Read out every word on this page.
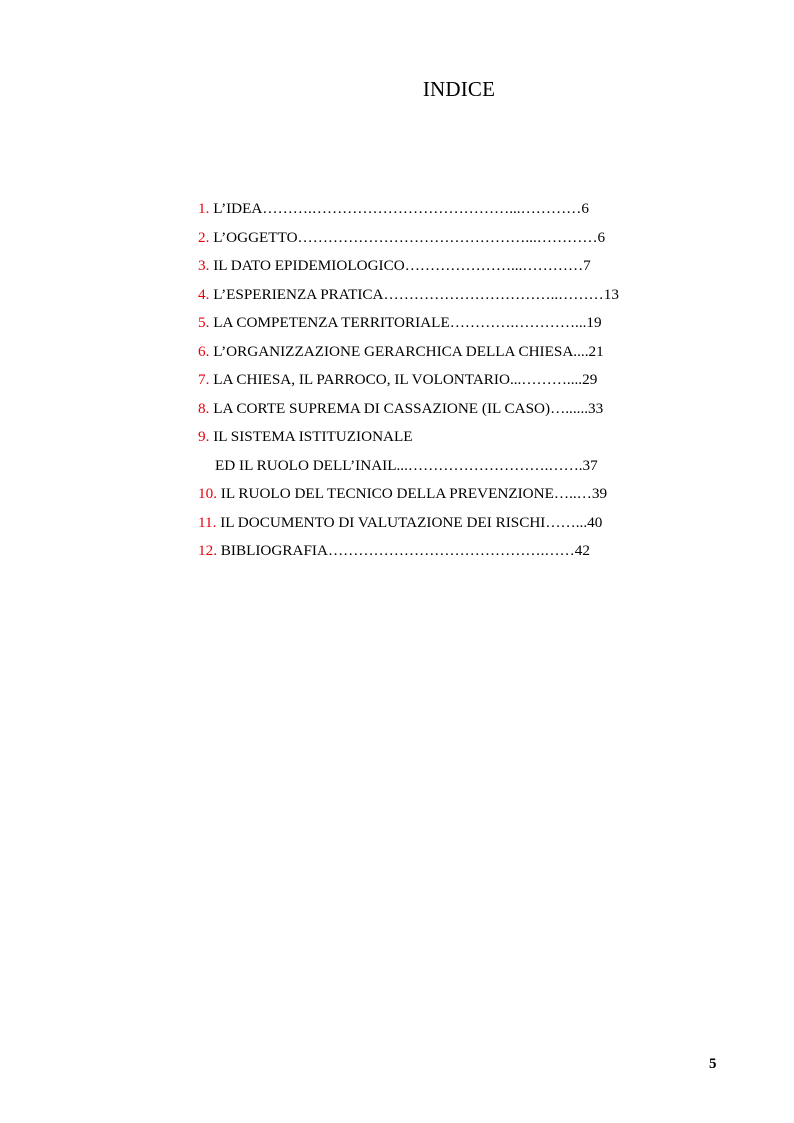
INDICE
1. L’IDEA……….…………………………………...…………6
2. L’OGGETTO………………………………………...…………6
3. IL DATO EPIDEMIOLOGICO…………………...…………7
4. L’ESPERIENZA PRATICA……………………………..………13
5. LA COMPETENZA TERRITORIALE………….…………...19
6. L’ORGANIZZAZIONE GERARCHICA DELLA CHIESA....21
7. LA CHIESA, IL PARROCO, IL VOLONTARIO...………....29
8. LA CORTE SUPREMA DI CASSAZIONE (IL CASO)…......33
9. IL SISTEMA ISTITUZIONALE
ED IL RUOLO DELL’INAIL...……………………….…….37
10. IL RUOLO DEL TECNICO DELLA PREVENZIONE…..…39
11. IL DOCUMENTO DI VALUTAZIONE DEI RISCHI……...40
12. BIBLIOGRAFIA…………………………………….……42
5
